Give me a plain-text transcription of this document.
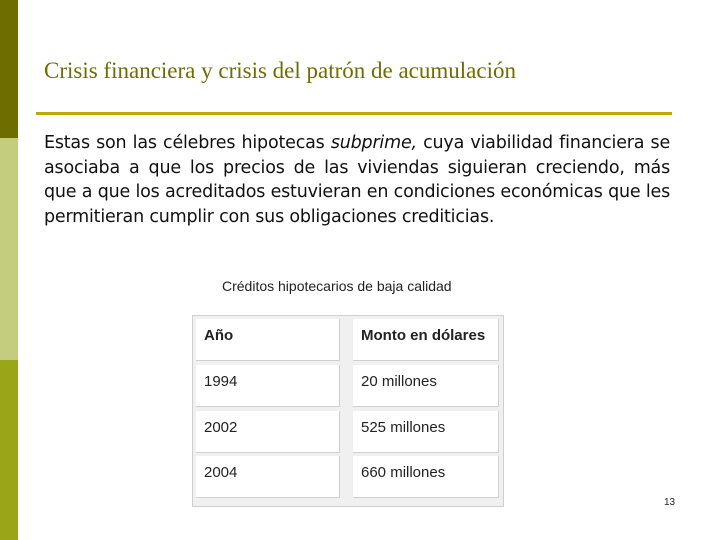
Crisis financiera y crisis del patrón de acumulación
Estas son las célebres hipotecas subprime, cuya viabilidad financiera se asociaba a que los precios de las viviendas siguieran creciendo, más que a que los acreditados estuvieran en condiciones económicas que les permitieran cumplir con sus obligaciones crediticias.
Créditos hipotecarios de baja calidad
Año	Monto en dólares
1994	20 millones
2002	525 millones
2004	660 millones
13
